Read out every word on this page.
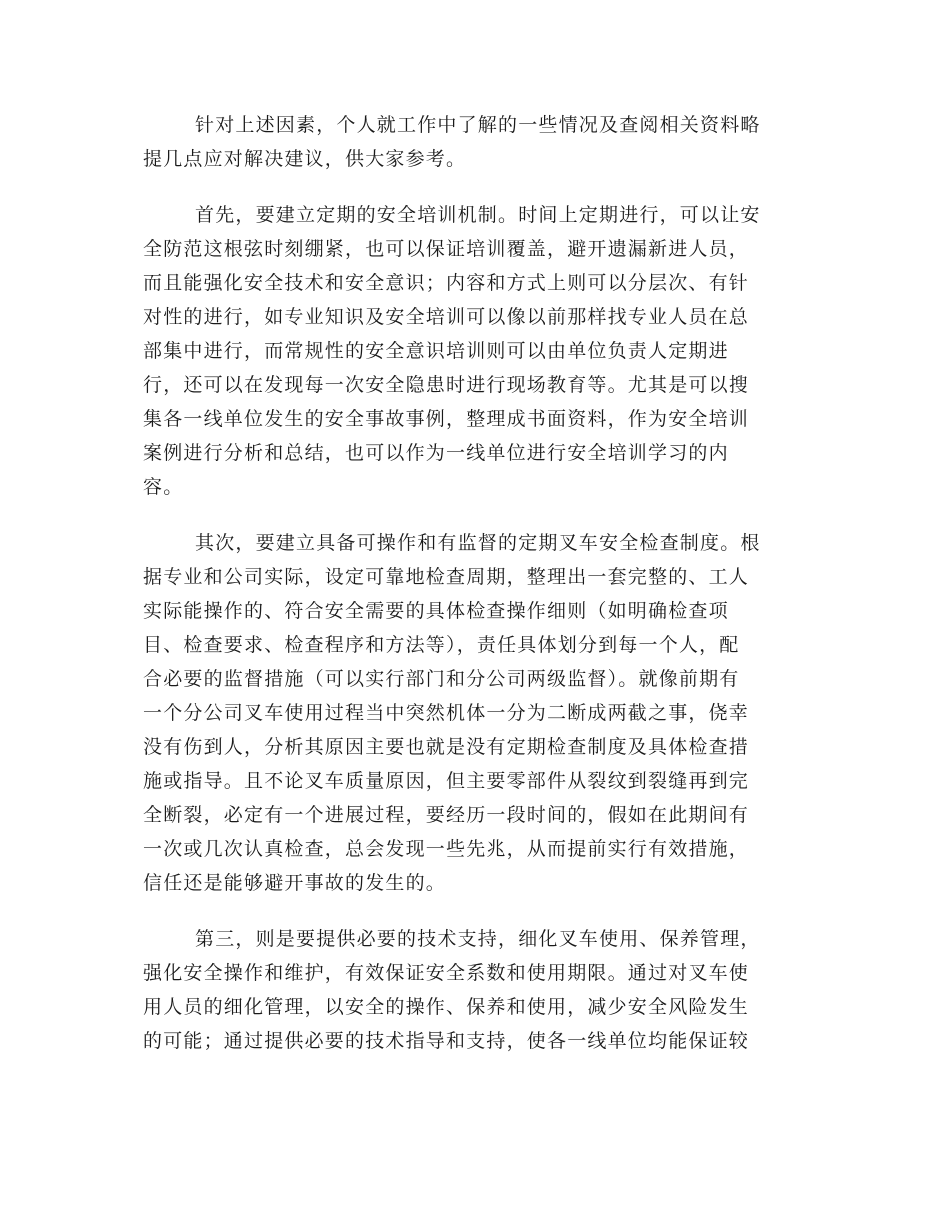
针对上述因素，个人就工作中了解的一些情况及查阅相关资料略
提几点应对解决建议，供大家参考。

首先，要建立定期的安全培训机制。时间上定期进行，可以让安
全防范这根弦时刻绷紧，也可以保证培训覆盖，避开遗漏新进人员，
而且能强化安全技术和安全意识；内容和方式上则可以分层次、有针
对性的进行，如专业知识及安全培训可以像以前那样找专业人员在总
部集中进行，而常规性的安全意识培训则可以由单位负责人定期进
行，还可以在发现每一次安全隐患时进行现场教育等。尤其是可以搜
集各一线单位发生的安全事故事例，整理成书面资料，作为安全培训
案例进行分析和总结，也可以作为一线单位进行安全培训学习的内
容。

其次，要建立具备可操作和有监督的定期叉车安全检查制度。根
据专业和公司实际，设定可靠地检查周期，整理出一套完整的、工人
实际能操作的、符合安全需要的具体检查操作细则（如明确检查项
目、检查要求、检查程序和方法等），责任具体划分到每一个人，配
合必要的监督措施（可以实行部门和分公司两级监督）。就像前期有
一个分公司叉车使用过程当中突然机体一分为二断成两截之事，侥幸
没有伤到人，分析其原因主要也就是没有定期检查制度及具体检查措
施或指导。且不论叉车质量原因，但主要零部件从裂纹到裂缝再到完
全断裂，必定有一个进展过程，要经历一段时间的，假如在此期间有
一次或几次认真检查，总会发现一些先兆，从而提前实行有效措施，
信任还是能够避开事故的发生的。

第三，则是要提供必要的技术支持，细化叉车使用、保养管理，
强化安全操作和维护，有效保证安全系数和使用期限。通过对叉车使
用人员的细化管理，以安全的操作、保养和使用，减少安全风险发生
的可能；通过提供必要的技术指导和支持，使各一线单位均能保证较
